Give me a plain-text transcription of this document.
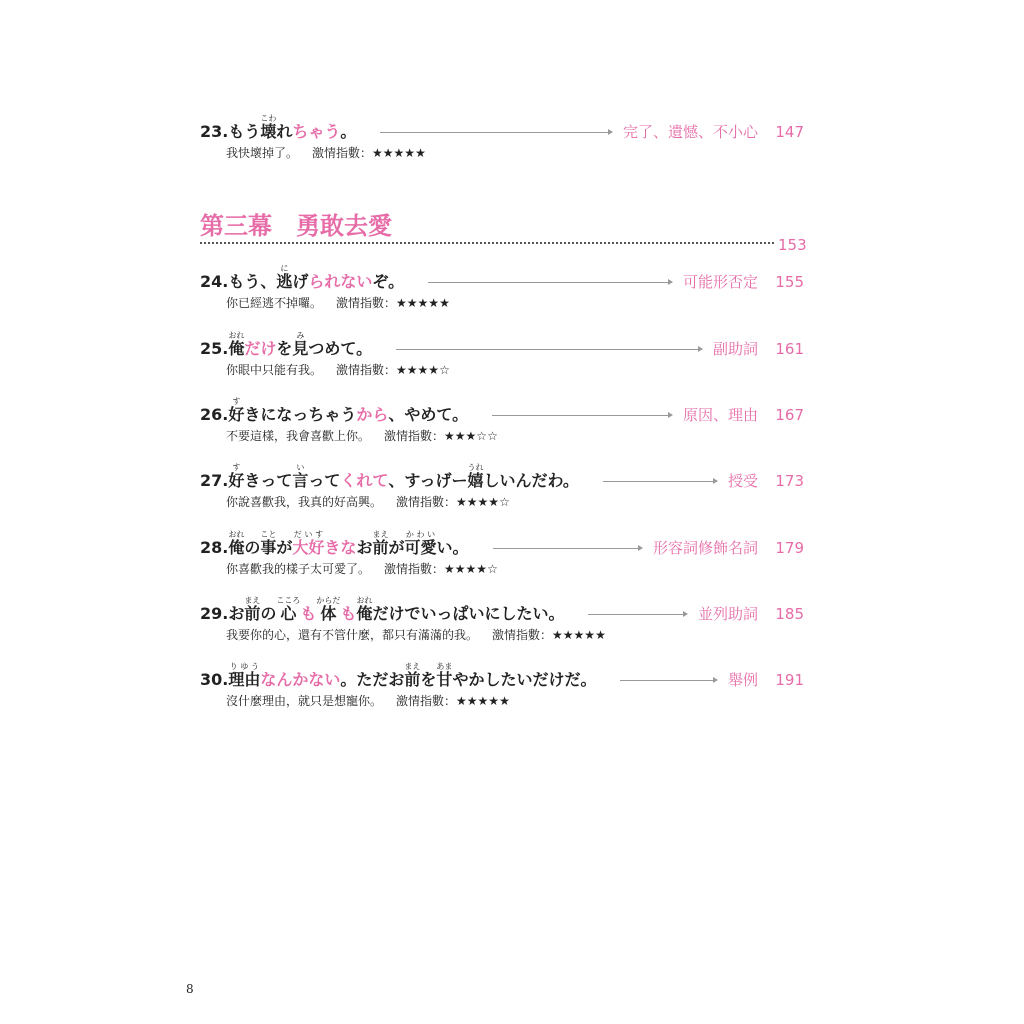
23. もう 壊こわ
れ ちゃう 。	完了、遺憾、不小心	147
我快壞掉了。 激情指數：★★★★★
第三幕　勇敢去愛
153
24. もう、 逃に
げ られない ぞ。	可能形否定	155
你已經逃不掉囉。 激情指數：★★★★★
25. 俺おれ
だけ を 見み
つめて。	副助詞	161
你眼中只能有我。 激情指數：★★★★☆
26. 好す
きになっちゃう から 、やめて。	原因、理由	167
不要這樣，我會喜歡上你。 激情指數：★★★☆☆
27. 好す
きって 言い
って くれて 、すっげー 嬉うれ
しいんだわ。	授受	173
你說喜歡我，我真的好高興。 激情指數：★★★★☆
28. 俺おれ
の 事こと
が 大好だいす
きな お 前まえ
が 可愛かわい
い。	形容詞修飾名詞	179
你喜歡我的樣子太可愛了。 激情指數：★★★★☆
29. お 前まえ
の 心こころ
も 体からだ
も 俺おれ
だけでいっぱいにしたい。	並列助詞	185
我要你的心，還有不管什麼，都只有滿滿的我。 激情指數：★★★★★
30. 理由りゆう
なんかない 。ただお 前まえ
を 甘あま
やかしたいだけだ。	舉例	191
沒什麼理由，就只是想寵你。 激情指數：★★★★★
8
